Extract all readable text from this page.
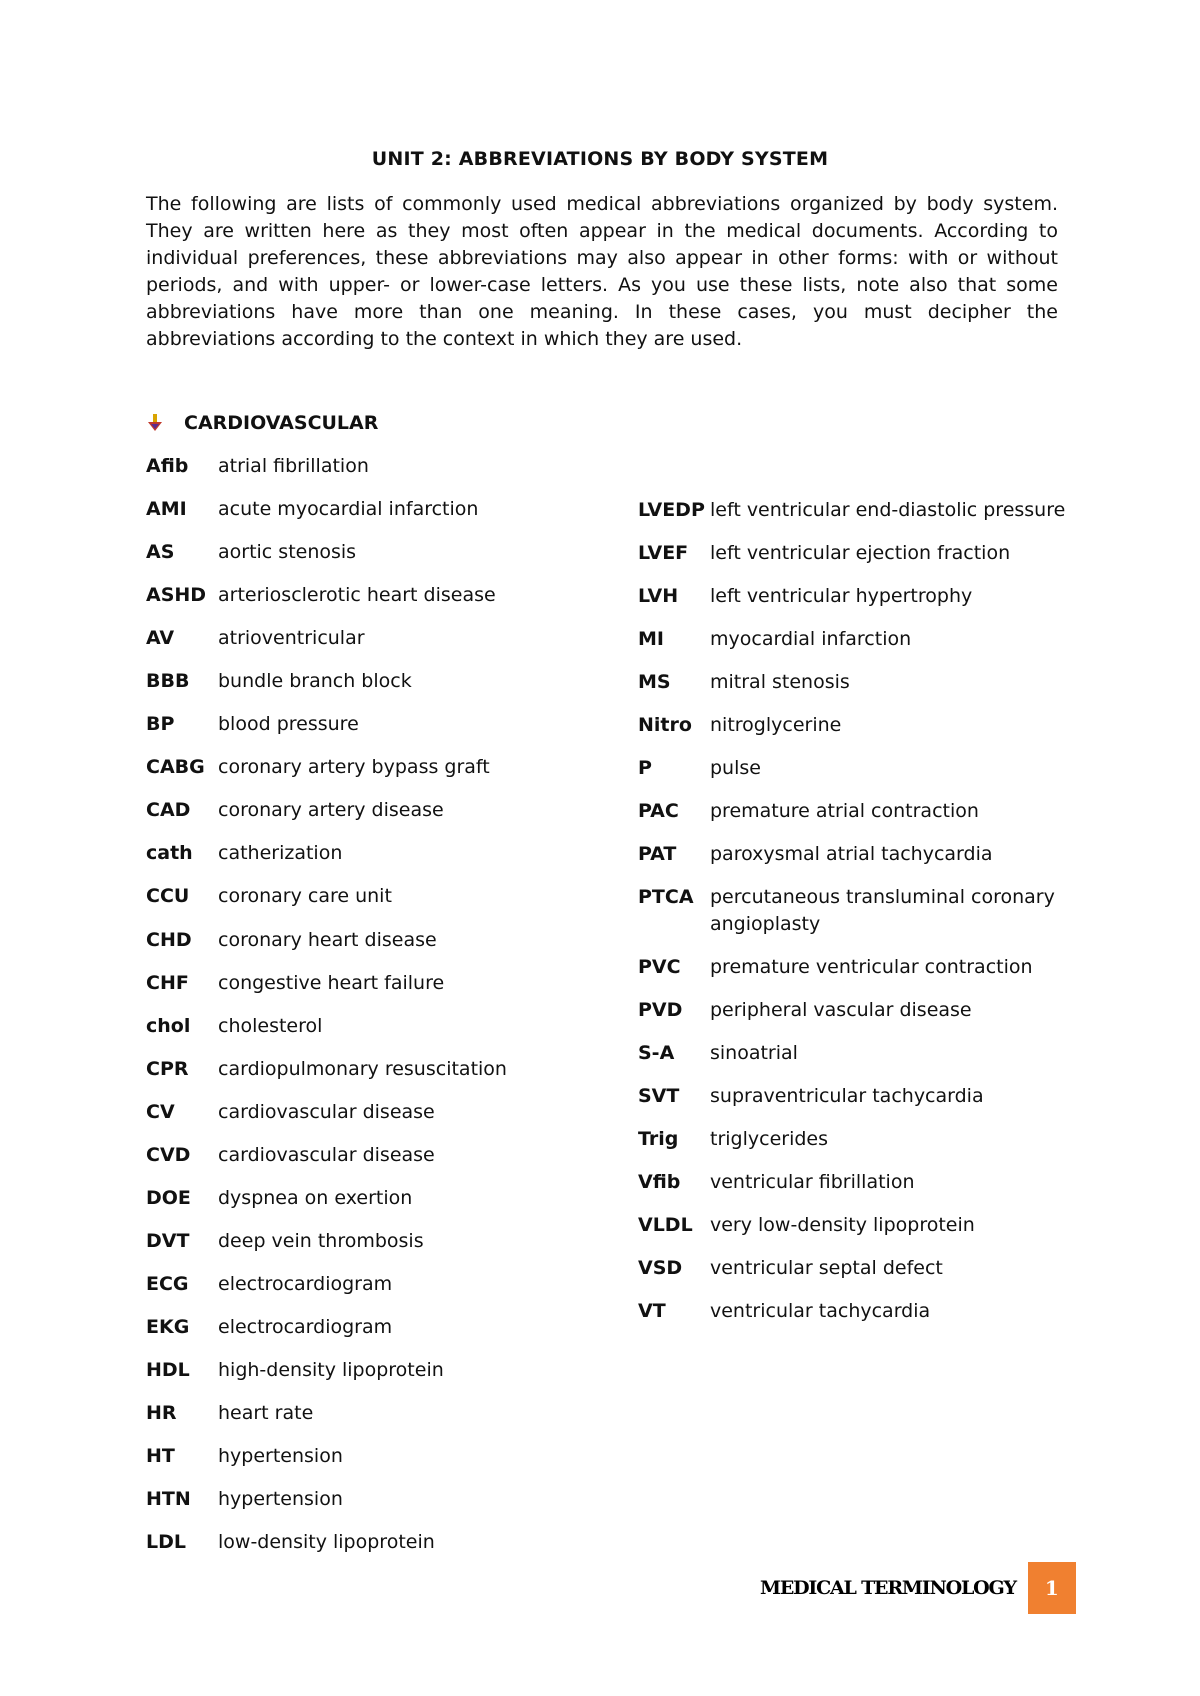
UNIT 2: ABBREVIATIONS BY BODY SYSTEM
The following are lists of commonly used medical abbreviations organized by body system. They are written here as they most often appear in the medical documents. According to individual preferences, these abbreviations may also appear in other forms: with or without periods, and with upper- or lower-case letters. As you use these lists, note also that some abbreviations have more than one meaning. In these cases, you must decipher the abbreviations according to the context in which they are used.
CARDIOVASCULAR
Afib	atrial fibrillation
AMI	acute myocardial infarction
AS	aortic stenosis
ASHD arteriosclerotic heart disease
AV	atrioventricular
BBB	bundle branch block
BP	blood pressure
CABG coronary artery bypass graft
CAD	coronary artery disease
cath	catherization
CCU	coronary care unit
CHD	coronary heart disease
CHF	congestive heart failure
chol	cholesterol
CPR	cardiopulmonary resuscitation
CV	cardiovascular disease
CVD	cardiovascular disease
DOE	dyspnea on exertion
DVT	deep vein thrombosis
ECG	electrocardiogram
EKG	electrocardiogram
HDL	high-density lipoprotein
HR	heart rate
HT	hypertension
HTN	hypertension
LDL	low-density lipoprotein
LVEDP left ventricular end-diastolic pressure
LVEF	left ventricular ejection fraction
LVH	left ventricular hypertrophy
MI	myocardial infarction
MS	mitral stenosis
Nitro nitroglycerine
P	pulse
PAC	premature atrial contraction
PAT	paroxysmal atrial tachycardia
PTCA percutaneous transluminal coronary angioplasty
PVC	premature ventricular contraction
PVD	peripheral vascular disease
S-A	sinoatrial
SVT	supraventricular tachycardia
Trig	triglycerides
Vfib	ventricular fibrillation
VLDL very low-density lipoprotein
VSD	ventricular septal defect
VT	ventricular tachycardia
MEDICAL TERMINOLOGY	1
